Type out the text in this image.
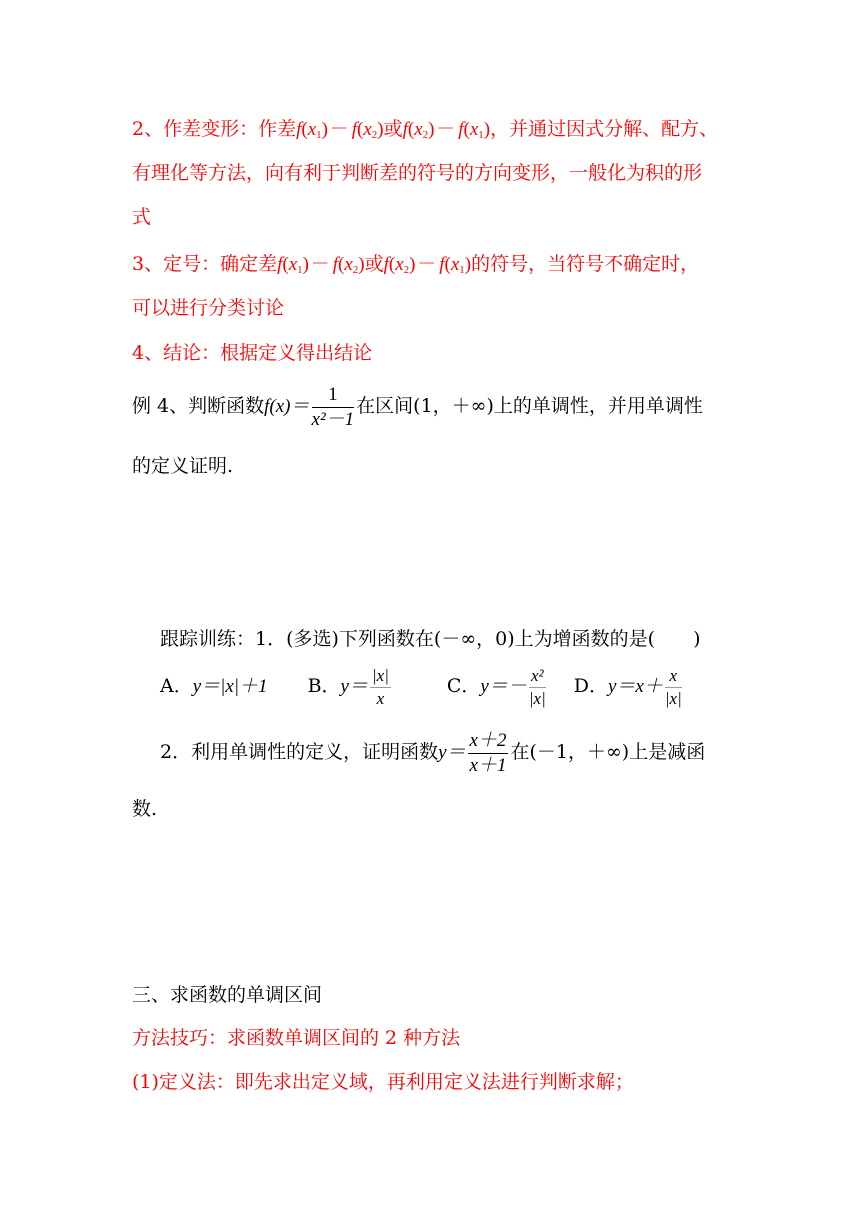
2、作差变形：作差$f(x_1)- f(x_2)$或$f(x_2)- f(x_1)$，并通过因式分解、配方、
有理化等方法，向有利于判断差的符号的方向变形，一般化为积的形
式
3、定号：确定差$f(x_1)- f(x_2)$或$f(x_2)- f(x_1)$的符号，当符号不确定时，
可以进行分类讨论
4、结论：根据定义得出结论
例 4、判断函数$f(x)= \frac{1}{\text{x²－1}}$ 在区间(1，＋∞)上的单调性，并用单调性
的定义证明.
跟踪训练：1．(多选)下列函数在(－∞，0)上为增函数的是(　　)
A．y＝|x|＋1 B．$y= \frac{|x|}{x}$	C．$y=- \frac{\text{x²}}{|x|}$ D．$y=x+ \frac{x}{|x|}$
2．利用单调性的定义，证明函数$y= \frac{x+2}{x+1}$ 在(－1，＋∞)上是减函
数.
三、求函数的单调区间
方法技巧：求函数单调区间的 2 种方法
(1)定义法：即先求出定义域，再利用定义法进行判断求解；
